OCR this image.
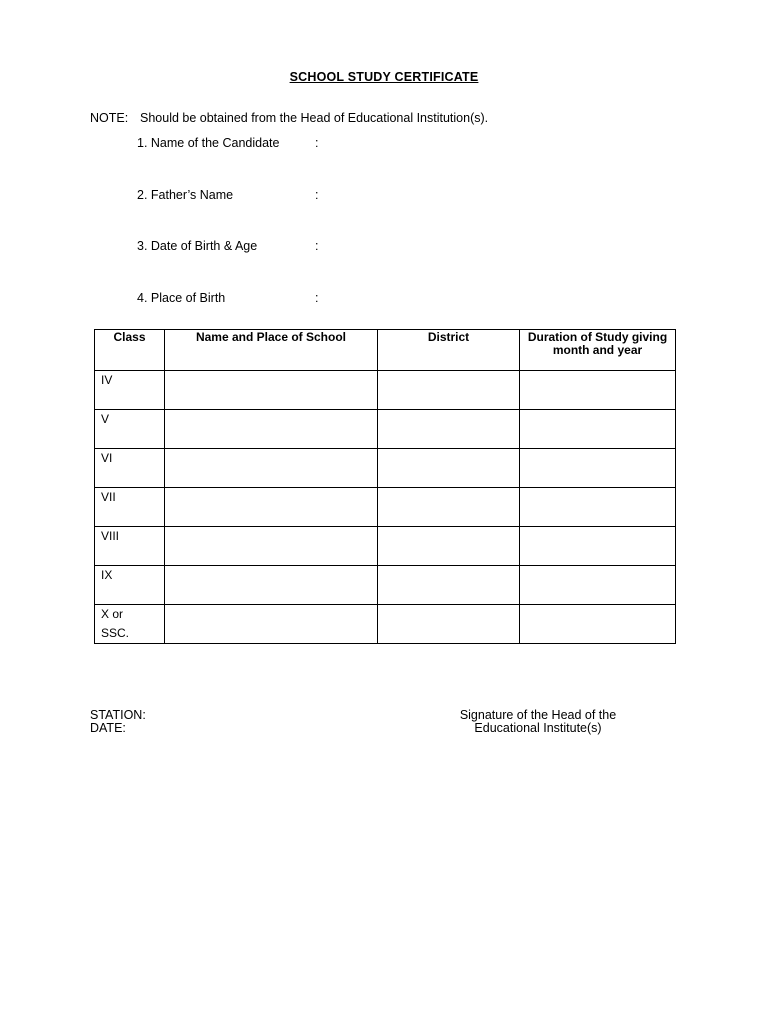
SCHOOL STUDY CERTIFICATE
NOTE: Should be obtained from the Head of Educational Institution(s).
1. Name of the Candidate	:
2. Father’s Name	:
3. Date of Birth & Age	:
4. Place of Birth	:
Class	Name and Place of School	District	Duration of Study giving month and year
IV			
V			
VI			
VII			
VIII			
IX			
X or
SSC.			
STATION:
DATE:
Signature of the Head of the
Educational Institute(s)
